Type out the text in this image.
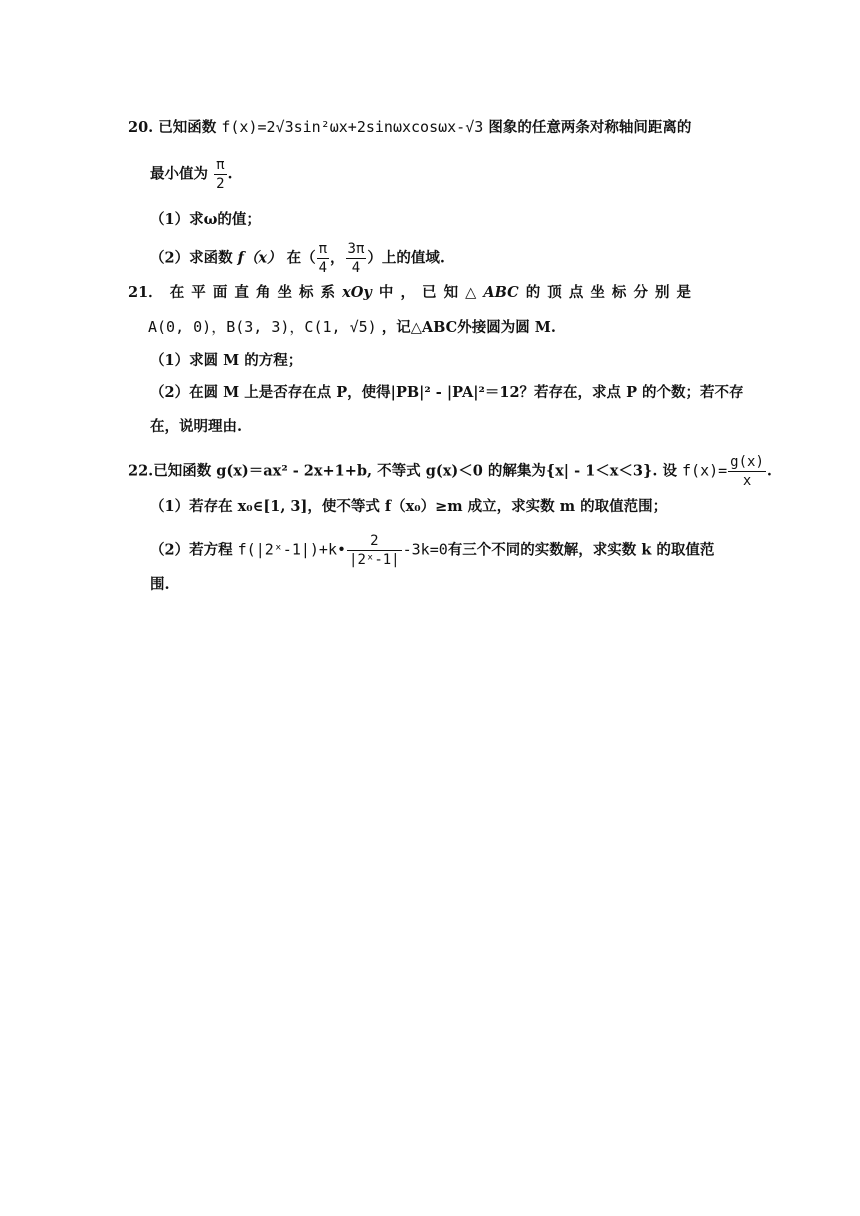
20. 已知函数 f(x)=2√3sin²ωx+2sinωxcosωx-√3 图象的任意两条对称轴间距离的
最小值为 $\frac{\pi}{2}$ .
（1）求ω的值；
（2）求函数 f（x） 在（ $\frac{\pi}{4}$ ， $\frac{3\pi}{4}$ ）上的值域.
21． 在 平 面 直 角 坐 标 系 xOy 中 ， 已 知 △ ABC 的 顶 点 坐 标 分 别 是
A(0, 0)，B(3, 3)，C(1, √5) ，记△ABC外接圆为圆 M.
（1）求圆 M 的方程；
（2）在圆 M 上是否存在点 P，使得|PB|² - |PA|²＝12？若存在，求点 P 的个数；若不存
在，说明理由.
22.已知函数 g(x)＝ax² - 2x+1+b, 不等式 g(x)＜0 的解集为{x| - 1＜x＜3}. 设 $f(x)= \frac{g(x)}{x}$ .
（1）若存在 x₀∈[1, 3]，使不等式 f（x₀）≥m 成立，求实数 m 的取值范围；
（2）若方程 f(|2ˣ-1|)+k• $\frac{2}{\text{|2ˣ-1|}} -3k=0$有三个不同的实数解，求实数 k 的取值范
围.
